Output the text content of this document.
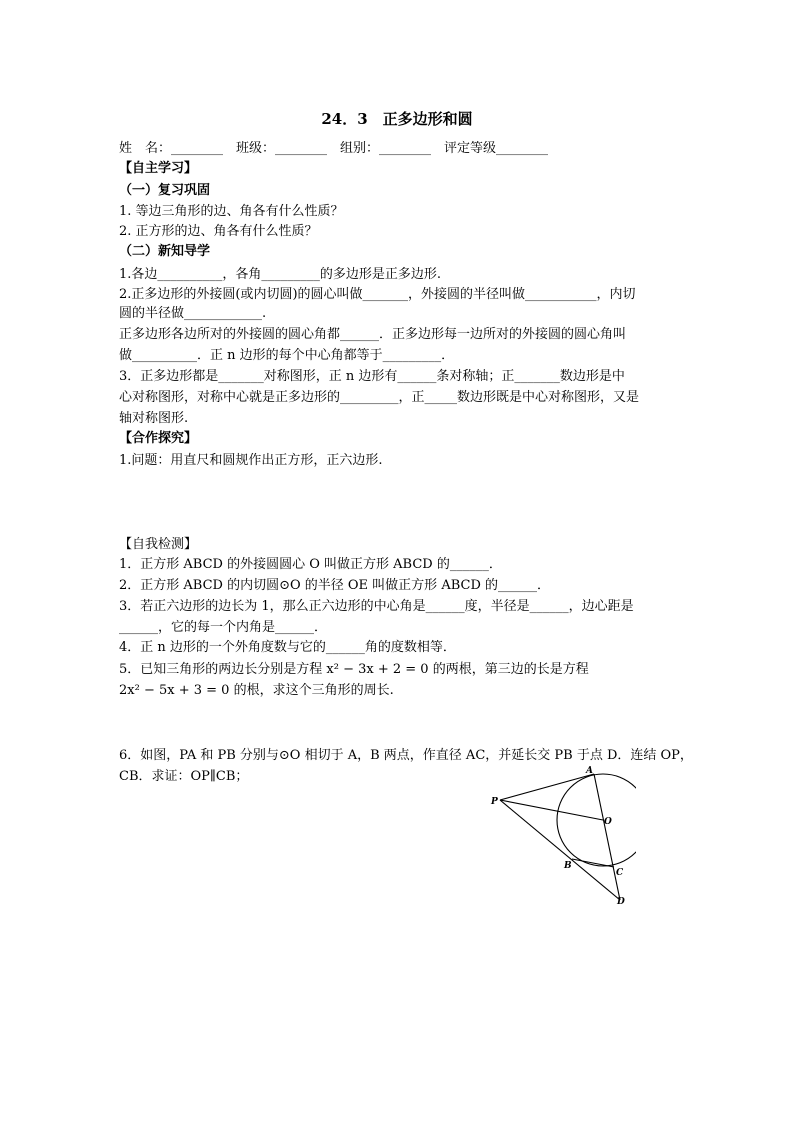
24．3　正多边形和圆
姓　名：________　班级：________　组别：________　评定等级________
【自主学习】
（一）复习巩固
1. 等边三角形的边、角各有什么性质？
2. 正方形的边、角各有什么性质？
（二）新知导学
1.各边__________，各角_________的多边形是正多边形.
2.正多边形的外接圆(或内切圆)的圆心叫做_______，外接圆的半径叫做___________，内切
圆的半径做____________.
正多边形各边所对的外接圆的圆心角都______．正多边形每一边所对的外接圆的圆心角叫
做__________．正 n 边形的每个中心角都等于_________．
3．正多边形都是_______对称图形，正 n 边形有______条对称轴；正_______数边形是中
心对称图形，对称中心就是正多边形的_________，正_____数边形既是中心对称图形，又是
轴对称图形.
【合作探究】
1.问题：用直尺和圆规作出正方形，正六边形.
【自我检测】
1．正方形 ABCD 的外接圆圆心 O 叫做正方形 ABCD 的______．
2．正方形 ABCD 的内切圆⊙O 的半径 OE 叫做正方形 ABCD 的______．
3．若正六边形的边长为 1，那么正六边形的中心角是______度，半径是______，边心距是
______，它的每一个内角是______．
4．正 n 边形的一个外角度数与它的______角的度数相等．
5．已知三角形的两边长分别是方程 x² − 3x + 2 = 0 的两根，第三边的长是方程
2x² − 5x + 3 = 0 的根，求这个三角形的周长.
6．如图，PA 和 PB 分别与⊙O 相切于 A，B 两点，作直径 AC，并延长交 PB 于点 D．连结 OP，
CB．求证：OP∥CB；	A
O
P
B
C
D
